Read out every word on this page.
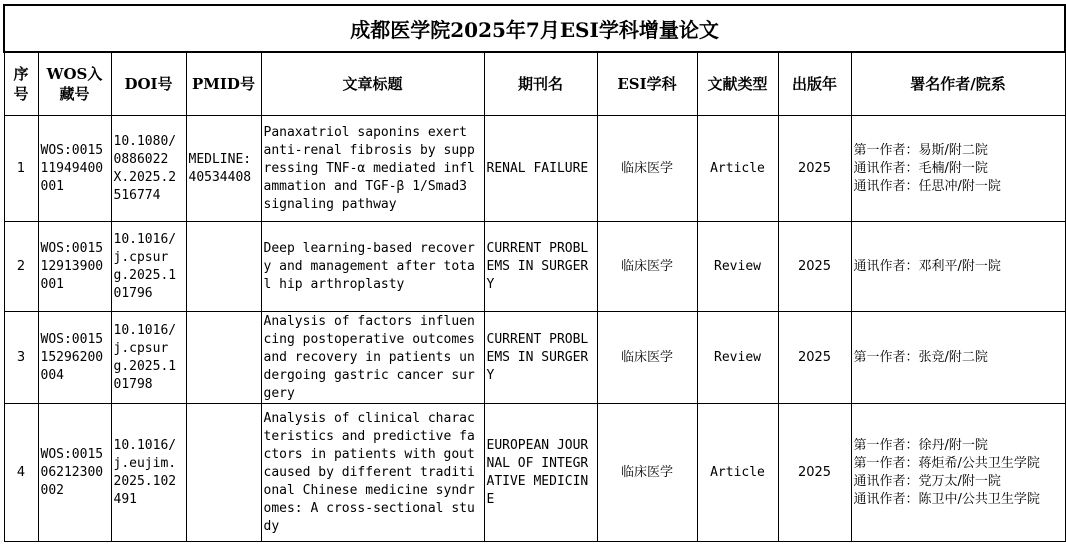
成都医学院2025年7月ESI学科增量论文									
序号	WOS入藏号	DOI号	PMID号	文章标题	期刊名	ESI学科	文献类型	出版年	署名作者/院系
1	WOS:001511949400001	10.1080/0886022X.2025.2516774	MEDLINE:40534408	Panaxatriol saponins exert anti-renal fibrosis by suppressing TNF-α mediated inflammation and TGF-β 1/Smad3 signaling pathway	RENAL FAILURE	临床医学	Article	2025	第一作者：易斯/附二院
通讯作者：毛楠/附一院
通讯作者：任思冲/附一院

2	WOS:001512913900001	10.1016/j.cpsurg.2025.101796		Deep learning-based recovery and management after total hip arthroplasty	CURRENT PROBLEMS IN SURGERY	临床医学	Review	2025	通讯作者：邓利平/附一院

3	WOS:001515296200004	10.1016/j.cpsurg.2025.101798		Analysis of factors influencing postoperative outcomes and recovery in patients undergoing gastric cancer surgery	CURRENT PROBLEMS IN SURGERY	临床医学	Review	2025	第一作者：张竞/附二院

4	WOS:001506212300002	10.1016/j.eujim.2025.102491		Analysis of clinical characteristics and predictive factors in patients with gout caused by different traditional Chinese medicine syndromes: A cross-sectional study	EUROPEAN JOURNAL OF INTEGRATIVE MEDICINE	临床医学	Article	2025	第一作者：徐丹/附一院
第一作者：蒋炬希/公共卫生学院
通讯作者：党万太/附一院
通讯作者：陈卫中/公共卫生学院
